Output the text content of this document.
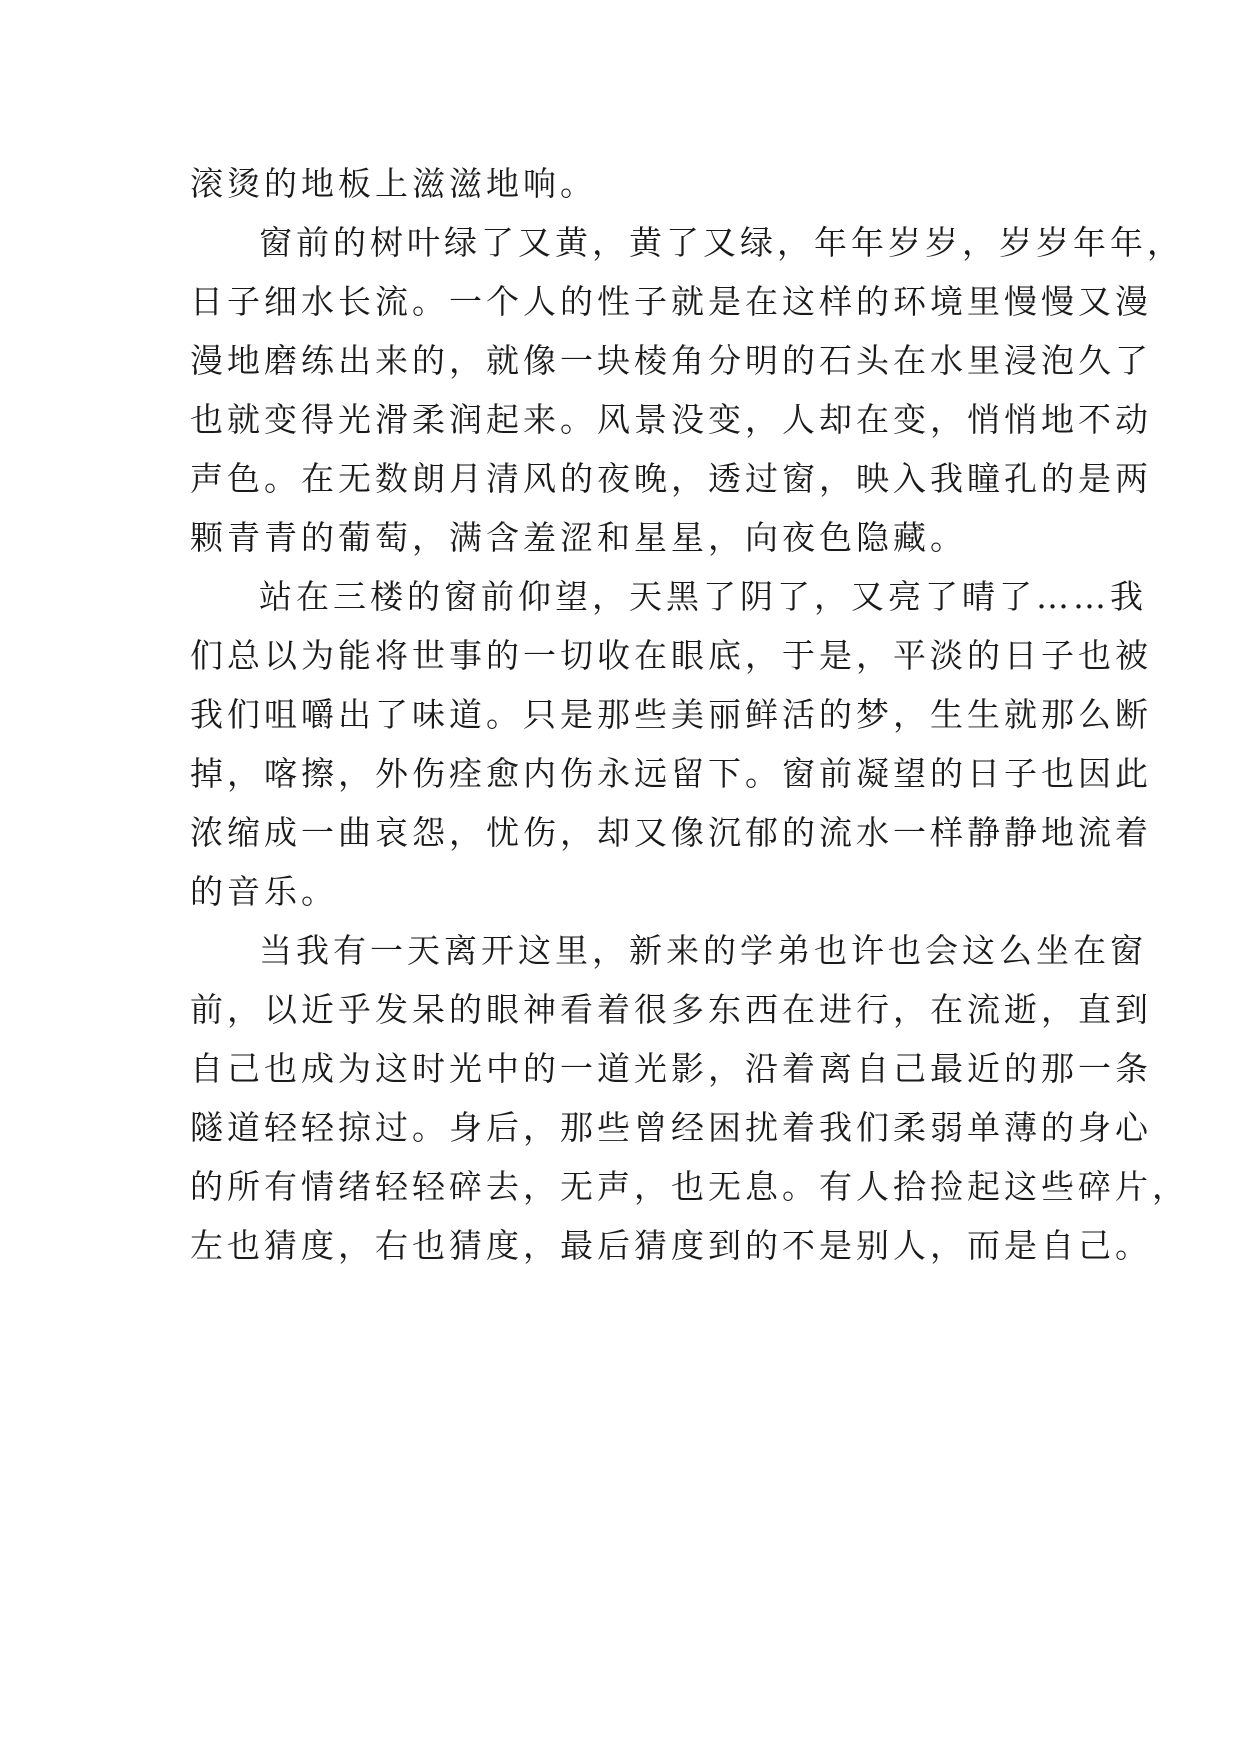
滚烫的地板上滋滋地响。
窗前的树叶绿了又黄，黄了又绿，年年岁岁，岁岁年年，
日子细水长流。一个人的性子就是在这样的环境里慢慢又漫
漫地磨练出来的，就像一块棱角分明的石头在水里浸泡久了
也就变得光滑柔润起来。风景没变，人却在变，悄悄地不动
声色。在无数朗月清风的夜晚，透过窗，映入我瞳孔的是两
颗青青的葡萄，满含羞涩和星星，向夜色隐藏。
站在三楼的窗前仰望，天黑了阴了，又亮了晴了……我
们总以为能将世事的一切收在眼底，于是，平淡的日子也被
我们咀嚼出了味道。只是那些美丽鲜活的梦，生生就那么断
掉，喀擦，外伤痊愈内伤永远留下。窗前凝望的日子也因此
浓缩成一曲哀怨，忧伤，却又像沉郁的流水一样静静地流着
的音乐。
当我有一天离开这里，新来的学弟也许也会这么坐在窗
前，以近乎发呆的眼神看着很多东西在进行，在流逝，直到
自己也成为这时光中的一道光影，沿着离自己最近的那一条
隧道轻轻掠过。身后，那些曾经困扰着我们柔弱单薄的身心
的所有情绪轻轻碎去，无声，也无息。有人拾捡起这些碎片，
左也猜度，右也猜度，最后猜度到的不是别人，而是自己。
